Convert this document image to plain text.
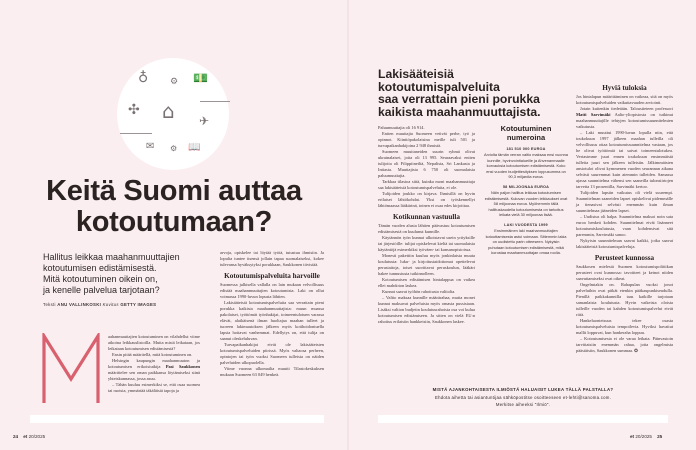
♁ ⚙ 💵
✣ ⌂ ✈
✉ ⚙ 📖
Keitä Suomi auttaa
kotoutumaan?
Hallitus leikkaa maahanmuuttajien
kotoutumisen edistämisestä.
Mitä kotoutuminen oikein on,
ja kenelle palvelua tarjotaan?
Teksti ANU VALLINKOSKI Kuvitus GETTY IMAGES

aahanmuuttajien kotoutuminen on vilahdellut viime aikoina leikkauslistoilla. Mutta mistä leikataan, jos leikataan kotoutumisen edistämisestä?

Ensin pitää määritellä, mitä kotoutuminen on.

Helsingin kaupungin maahanmuuton ja kotoutumisen erikoistutkija Pasi Saukkonen määrittelee sen oman paikkansa löytämiseksi siinä yhteiskunnassa, jossa asuu.

– Tähän kuuluu esimerkiksi se, että osaa suomea tai ruotsia, ymmärtää täkäläisiä tapoja ja

arvoja, opiskelee tai löytää työtä, tutustuu ihmisiin. Ja lopulta tuntee itsensä jollain tapaa suomalaiseksi, kokee tulevansa hyväksytyksi porukkaan, Saukkonen tiivistää.

Kotoutumispalveluita harvoille

Suomessa julkisella vallalla on lain mukaan velvollisuus edistää maahanmuuttajien kotoutumista. Laki on ollut voimassa 1990-luvun lopusta lähtien.

Lakisääteisiä kotoutumispalveluita saa verrattain pieni porukka kaikista maahanmuuttajista: muun muassa pakolaiset, työttömät työnhakijat, toimeentulotuen varassa elävät, alaikäisenä ilman huoltajaa maahan tulleet ja tuoreen lakimuutoksen jälkeen myös kotihoidontuella lapsia hoitavat vanhemmat. Edellytys on, että tulija on saanut oleskeluluvan.

Turvapaikanhakijat eivät ole lakisääteisten kotoutumispalveluiden piirissä. Myös valtaosa perheen, opintojen tai työn vuoksi Suomeen tulleista on näiden palveluiden ulkopuolella.

Viime vuonna ulkomailta muutti Tilastokeskuksen mukaan Suomeen 63 049 henkeä.

24 et 20/2025
Lakisääteisiä kotoutumispalveluita
saa verrattain pieni porukka
kaikista maahanmuuttajista.

Paluumuuttajia oli 16 914.

Eniten muuttajia Suomeen vetivät perhe, työ ja opinnot. Kiintiöpakolaisina meille tuli 501 ja turvapaikanhakijoina 2 948 ihmistä.

Suomeen muuttaneiden suurin ryhmä olivat ukrainalaiset, joita oli 13 995. Seuraavaksi eniten tulijoita oli Filippiineiltä, Nepalista, Sri Lankasta ja Intiasta. Muuttajista 6 750 oli suomalaisia paluumuuttajia.

Tarkkaa tilastoa siitä, kuinka moni maahanmuuttaja saa lakisääteisiä kotoutumispalveluita, ei ole.

Tulijoiden joukko on kirjava. Ihmisillä on hyvin erilaiset lähtökohdat. Yksi on työskennellyt lähtömaassa lääkärinä, toinen ei osaa edes kirjoittaa.

Kotikunnan vastuulla

Tämän vuoden alusta lähtien päävastuu kotoutumisen edistämisestä on kuulunut kunnille.

Käytännön työn kunnat ulkoistavat usein yrityksille tai järjestöille: tulijat opiskelevat kieltä tai suomalaisia käytäntöjä esimerkiksi työväen- tai kansanopistoissa.

Monesti pakettiin kuuluu myös jonkinlaista muuta koulutusta: luku- ja kirjoitustaidottomat opettelevat perustaitoja, toiset suorittavat peruskoulun, lääkäri hakee tunnustusta tutkinnolleen.

Kotoutumisen edistämisen hintalappua on vaikea ellei mahdoton laskea.

Kunnat saavat työhön rahoitusta valtiolta.

– Valtio maksaa kunnille määrärahaa, mutta monet kunnat maksavat palveluista myös omasta pussistaan. Lisäksi valtion budjetin koulutusrahoista osa voi kulua kotoutumisen edistämiseen. Ja sitten on vielä EU:n rahoitus erilaisiin hankkeisiin, Saukkonen laskee.

Kotoutuminen numeroina
181 510 000 EUROA

Arviolta tämän verran valtio maksaa ensi vuonna kunnille, hyvinvointialueille ja Ahvenanmaalle korvauksia kotoutumisen edistämisestä. Koko ensi vuoden budjettiesityksen loppusumma on 90,3 miljardia euroa.

58 MILJOONAA EUROA

Näin paljon hallitus leikkaa kotoutumisen edistämisestä. Kuluvan vuoden leikkaukset ovat 58 miljoonaa euroa. Myöhemmin tällä hallituskaudella kotoutumisesta on tarkoitus leikata vielä 30 miljoonaa lisää.

LAKI VUODESTA 1999

Ensimmäinen laki maahanmuuttajien kotouttamisesta astui voimaan. Sittemmin lakia on uudistettu parin otteeseen. Nykyisin puhutaan kotoutumisen edistämisestä, mikä korostaa maahanmuuttajan omaa roolia.

Hyviä tuloksia

Jos hintalapun määrittäminen on vaikeaa, sitä on myös kotoutumispalveluiden vaikuttavuuden arviointi.

Jotain kuitenkin tiedetään. Taloustieteen professori Matti Sarvimäki Aalto-yliopistosta on tutkinut maahanmuuttajille tehtyjen kotoutumissuunnitelmien vaikutusta.

– Laki muuttui 1990-luvun lopulla niin, että toukokuun 1997 jälkeen maahan tulleilla oli velvollisuus ottaa kotoutumissuunnitelma vastaan, jos he olivat työttömiä tai saivat toimeentulotukea. Vertasimme juuri ennen toukokuun ensimmäistä tulleita juuri sen jälkeen tulleisiin. Jälkimmäisten ansiotulot olivat kymmenen vuoden seurannan aikana selvästi suuremmat kuin aiemmin tulleiden. Samassa ajassa suunnitelma vähensi sen saaneilla tulonsiirtojen tarvetta 13 prosentilla, Sarvimäki kertoo.

Tulijoiden lapsiin vaikutus oli vielä suurempi. Suunnitelman saaneiden lapset opiskelivat pidemmälle ja tienasivat selvästi enemmän kuin ilman suunnitelmaa jääneiden lapset.

– Uudistus oli halpa. Suunnitelma maksoi noin sata euroa henkeä kohden. Suunnitelmat eivät lisänneet kotoutumiskoulutusta, vaan kohdensivat sitä paremmin, Sarvimäki sanoo.

Nykyisin suunnitelman saavat kaikki, jotka saavat lakisääteisiä kotoutumispalveluja.

Perusteet kunnossa

Saukkosen mielestä Suomen kotoutumispolitiikan perusteet ovat kunnossa: tavoitteet ja keinot niiden saavuttamiseksi ovat oikeat.

Ongelmiakin on. Rahapulan vuoksi jonot palveluihin ovat pitkät etenkin pääkaupunkiseudulla. Pienillä paikkakunnilla taas kaikille tarjotaan samanlaista koulutusta. Hyvin vaikeista oloista tulleille vuoden tai kahden kotoutumispalvelut eivät riitä.

Hankeluonteisuus tekee osasta kotoutumispalveluista tempoilevia. Hyviksi havaitut mallit loppuvat, kun hankeraha loppuu.

– Kotoutumisesta ei ole varaa leikata. Päinvastoin tarvittaisiin enemmän rahaa, jotta ongelmista päästäisiin, Saukkonen summaa. ✪

MISTÄ AJANKOHTAISESTA ILMIÖSTÄ HALUAISIT LUKEA TÄLLÄ PALSTALLA?
Ehdota aihetta tai asiantuntijaa sähköpostitse osoitteeseen et-lehti@sanoma.com.
Merkitse aiheeksi "Ilmiö".
et 20/2025 25
